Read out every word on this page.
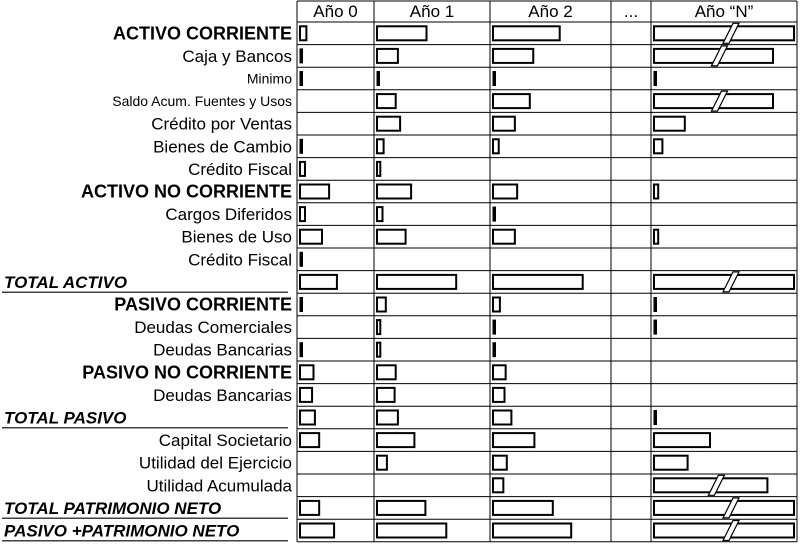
Año 0	Año 1	Año 2	...	Año “N”
ACTIVO CORRIENTE
Caja y Bancos
Minimo
Saldo Acum. Fuentes y Usos
Crédito por Ventas
Bienes de Cambio
Crédito Fiscal
ACTIVO NO CORRIENTE
Cargos Diferidos
Bienes de Uso
Crédito Fiscal
TOTAL ACTIVO
PASIVO CORRIENTE
Deudas Comerciales
Deudas Bancarias
PASIVO NO CORRIENTE
Deudas Bancarias
TOTAL PASIVO
Capital Societario
Utilidad del Ejercicio
Utilidad Acumulada
TOTAL PATRIMONIO NETO
PASIVO +PATRIMONIO NETO
